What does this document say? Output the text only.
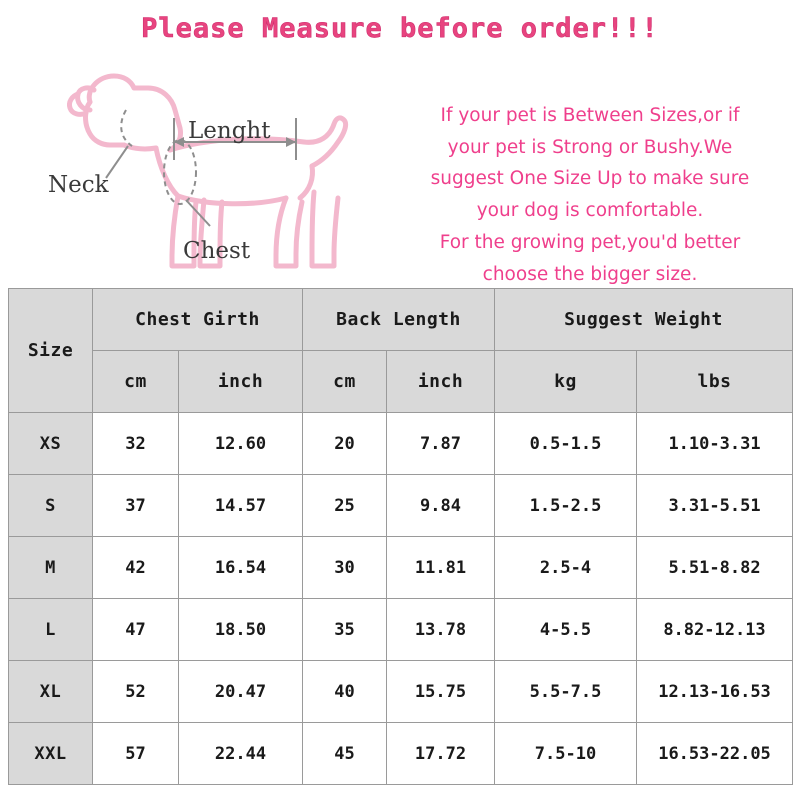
Please Measure before order!!!
Neck
Lenght
Chest
If your pet is Between Sizes,or if
your pet is Strong or Bushy.We
suggest One Size Up to make sure
your dog is comfortable.
For the growing pet,you'd better
choose the bigger size.
Size	Chest Girth		Back Length		Suggest Weight	
	cm	inch	cm	inch	kg	lbs
XS	32	12.60	20	7.87	0.5-1.5	1.10-3.31
S	37	14.57	25	9.84	1.5-2.5	3.31-5.51
M	42	16.54	30	11.81	2.5-4	5.51-8.82
L	47	18.50	35	13.78	4-5.5	8.82-12.13
XL	52	20.47	40	15.75	5.5-7.5	12.13-16.53
XXL	57	22.44	45	17.72	7.5-10	16.53-22.05
